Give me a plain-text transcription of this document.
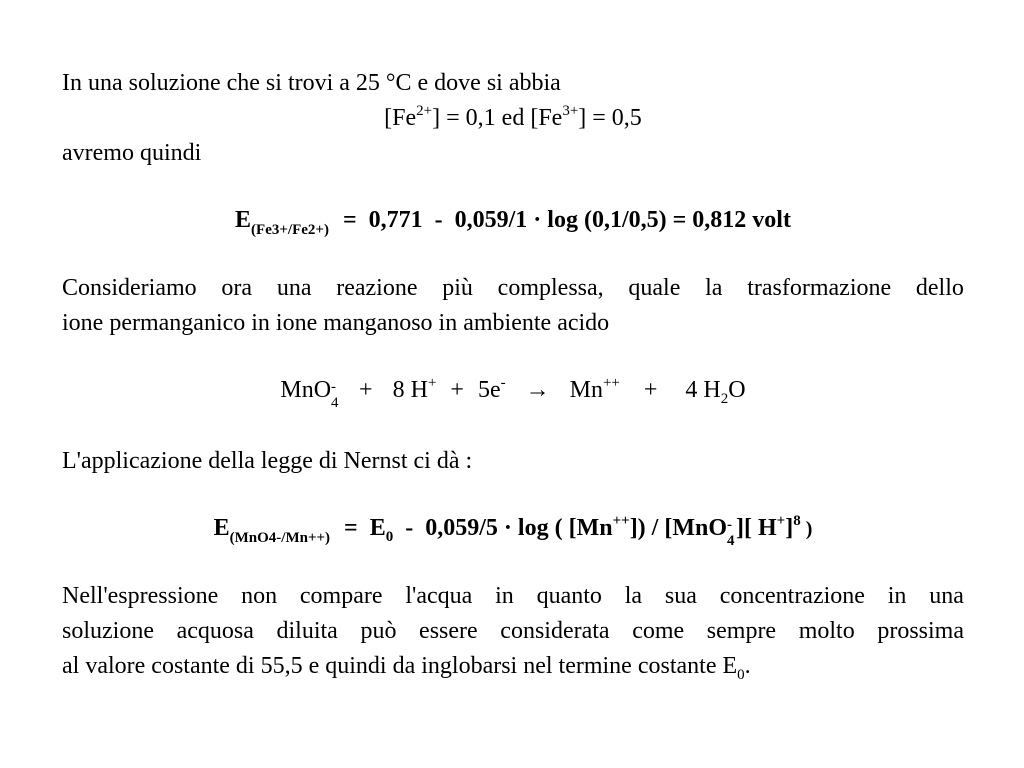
In una soluzione che si trovi a 25 °C e dove si abbia
$[Fe^{2+}] = 0,1$ ed $[Fe^{3+}] = 0,5$
avremo quindi
$E_{(Fe3+/Fe2+)} = 0,771 - 0,059/1 \cdot \log (0,1/0,5) = 0,812$ volt
Consideriamo ora una reazione più complessa, quale la trasformazione dello
ione permanganico in ione manganoso in ambiente acido
MnO -
4 + 8 H+ + 5e- → Mn++ + 4 $H_2O$
L'applicazione della legge di Nernst ci dà :
$E_{(MnO4-/Mn++)} = E_0 - 0,059/5 \cdot \log$ ( [Mn++]) / [MnO -
4 ][ H+]$^8$ )
Nell'espressione non compare l'acqua in quanto la sua concentrazione in una
soluzione acquosa diluita può essere considerata come sempre molto prossima
al valore costante di 55,5 e quindi da inglobarsi nel termine costante $E_0$.
